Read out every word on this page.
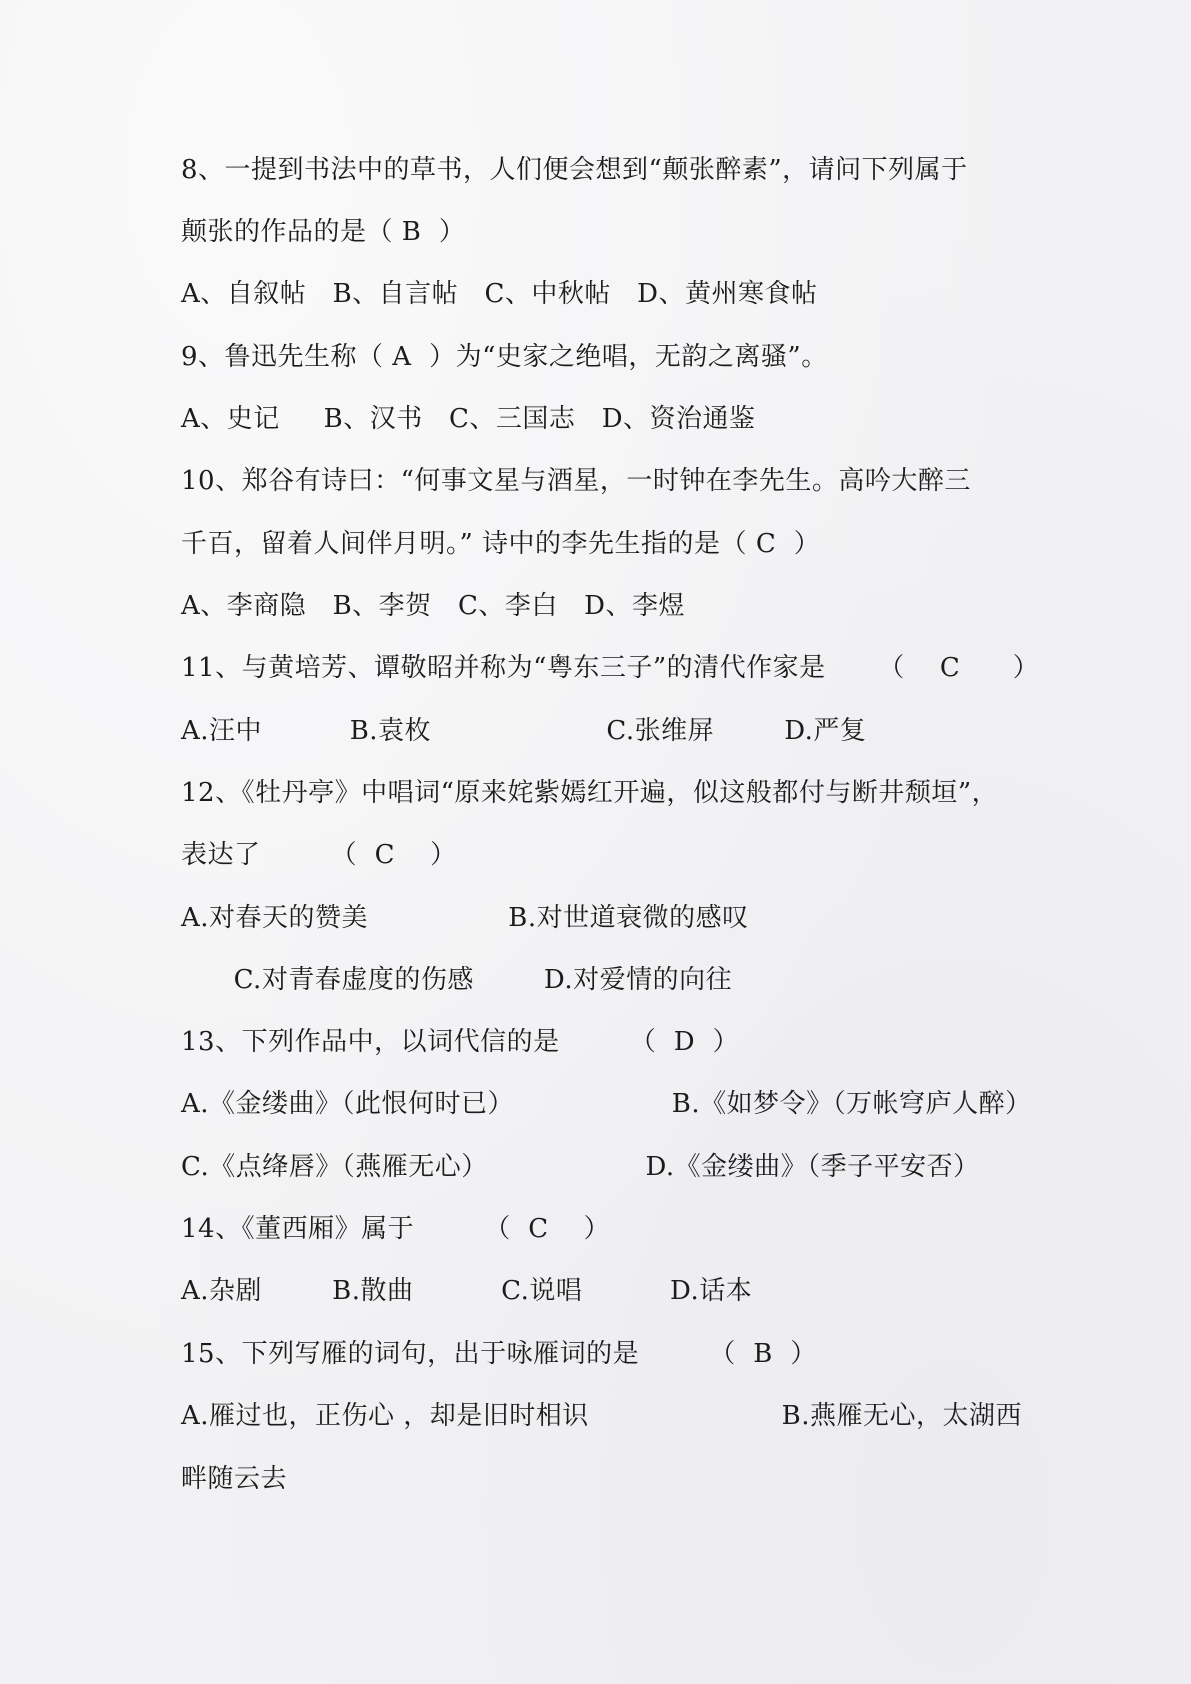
8、一提到书法中的草书，人们便会想到“颠张醉素”，请问下列属于
颠张的作品的是（ B  ）
A、自叙帖   B、自言帖   C、中秋帖   D、黄州寒食帖
9、鲁迅先生称（ A  ）为“史家之绝唱，无韵之离骚”。
A、史记     B、汉书   C、三国志   D、资治通鉴
10、郑谷有诗曰：“何事文星与酒星，一时钟在李先生。高吟大醉三
千百，留着人间伴月明。” 诗中的李先生指的是（ C  ）
A、李商隐   B、李贺   C、李白   D、李煜
11、与黄培芳、谭敬昭并称为“粤东三子”的清代作家是      （    C      ）
A.汪中          B.袁枚                    C.张维屏        D.严复
12、《牡丹亭》中唱词“原来姹紫嫣红开遍，似这般都付与断井颓垣”，
表达了        （  C    ）
A.对春天的赞美                B.对世道衰微的感叹
C.对青春虚度的伤感        D.对爱情的向往
13、下列作品中，以词代信的是        （  D  ）
A.《金缕曲》（此恨何时已）                  B.《如梦令》（万帐穹庐人醉）
C.《点绛唇》（燕雁无心）                  D.《金缕曲》（季子平安否）
14、《董西厢》属于        （  C    ）
A.杂剧        B.散曲          C.说唱          D.话本
15、下列写雁的词句，出于咏雁词的是        （  B  ）
A.雁过也，正伤心 ，却是旧时相识                      B.燕雁无心，太湖西
畔随云去
